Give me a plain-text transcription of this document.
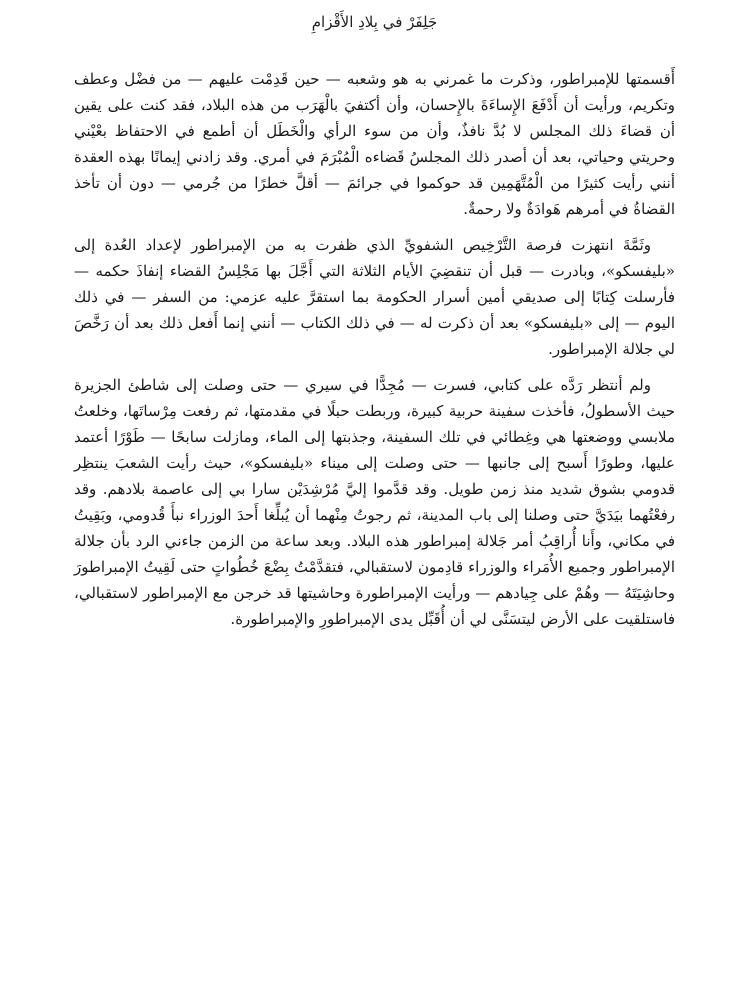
جَلِفَرْ في بِلادِ الأَقْزامِ

أَقسمتها للإمبراطور، وذكرت ما غمرني به هو وشعبه — حين قَدِمْت عليهم — من فضْل وعطف وتكريم، ورأيت أن أَدْفَعَ الإِساءَةَ بالإِحسان، وأن أكتفيَ بالْهَرَب من هذه البلاد، فقد كنت على يقين أن قضاءَ ذلك المجلس لا بُدَّ نافذٌ، وأن من سوء الرأي والْخَطَل أن أطمع في الاحتفاظ بعْيْني وحريتي وحياتي، بعد أن أصدر ذلك المجلسُ قَضاءه الْمُبْرَمَ في أمري. وقد زادني إيمانًا بهذه العقدة أنني رأيت كثيرًا من الْمُتَّهَمِين قد حوكموا في جرائمَ — أقلَّ خطرًا من جُرمي — دون أن تأخذ القضاةُ في أمرهم هَوادَةٌ ولا رحمةٌ.

وثَمَّةَ انتهزت فرصة التَّرْخِيص الشفويِّ الذي ظفرت به من الإمبراطور لإعداد العُدة إلى «بليفسكو»، وبادرت — قبل أن تنقضِيَ الأيام الثلاثة التي أَجَّلَ بها مَجْلِسُ القضاء إنفاذَ حكمه — فأرسلت كِتابًا إلى صديقي أمين أسرار الحكومة بما استقرَّ عليه عزمي: من السفر — في ذلك اليوم — إلى «بليفسكو» بعد أن ذكرت له — في ذلك الكتاب — أنني إنما أَفعل ذلك بعد أن رَخَّصَ لي جلالة الإمبراطور.

ولم أنتظر رَدَّه على كتابي، فسرت — مُجِدًّا في سيري — حتى وصلت إلى شاطئ الجزيرة حيث الأسطولُ، فأخذت سفينة حربية كبيرة، وربطت حبلًا في مقدمتها، ثم رفعت مِرْساتَها، وخلعتُ ملابسي ووضعتها هي وغِطائي في تلك السفينة، وجذبتها إلى الماء، ومازلت سابحًا — طَوْرًا أعتمد عليها، وطورًا أَسبح إلى جانبها — حتى وصلت إلى ميناء «بليفسكو»، حيث رأيت الشعبَ ينتظِر قدومي بشوق شديد منذ زمن طويل. وقد قدَّموا إليَّ مُرْشِدَيْن سارا بي إلى عاصمة بلادهم. وقد رفعْتُهما بيَدَيَّ حتى وصلنا إلى باب المدينة، ثم رجوتُ مِنْهما أن يُبلِّغا أَحدَ الوزراء نبأَ قُدومي، وبَقِيتُ في مكاني، وأَنا أُراقِبُ أمر جَلالة إمبراطور هذه البلاد. وبعد ساعة من الزمن جاءني الرد بأن جلالة الإمبراطور وجميع الأُمَراء والوزراء قادِمون لاستقبالي، فتقدَّمْتُ بِضْعَ خُطُواتٍ حتى لَقِيتُ الإمبراطورَ وحاشِيَتَهُ — وهُمْ على جِيادهم — ورأيت الإمبراطورة وحاشيتها قد خرجن مع الإمبراطور لاستقبالي، فاستلقيت على الأرض ليتسَنَّى لي أن أُقَبِّل يدى الإمبراطورِ والإمبراطورة.
